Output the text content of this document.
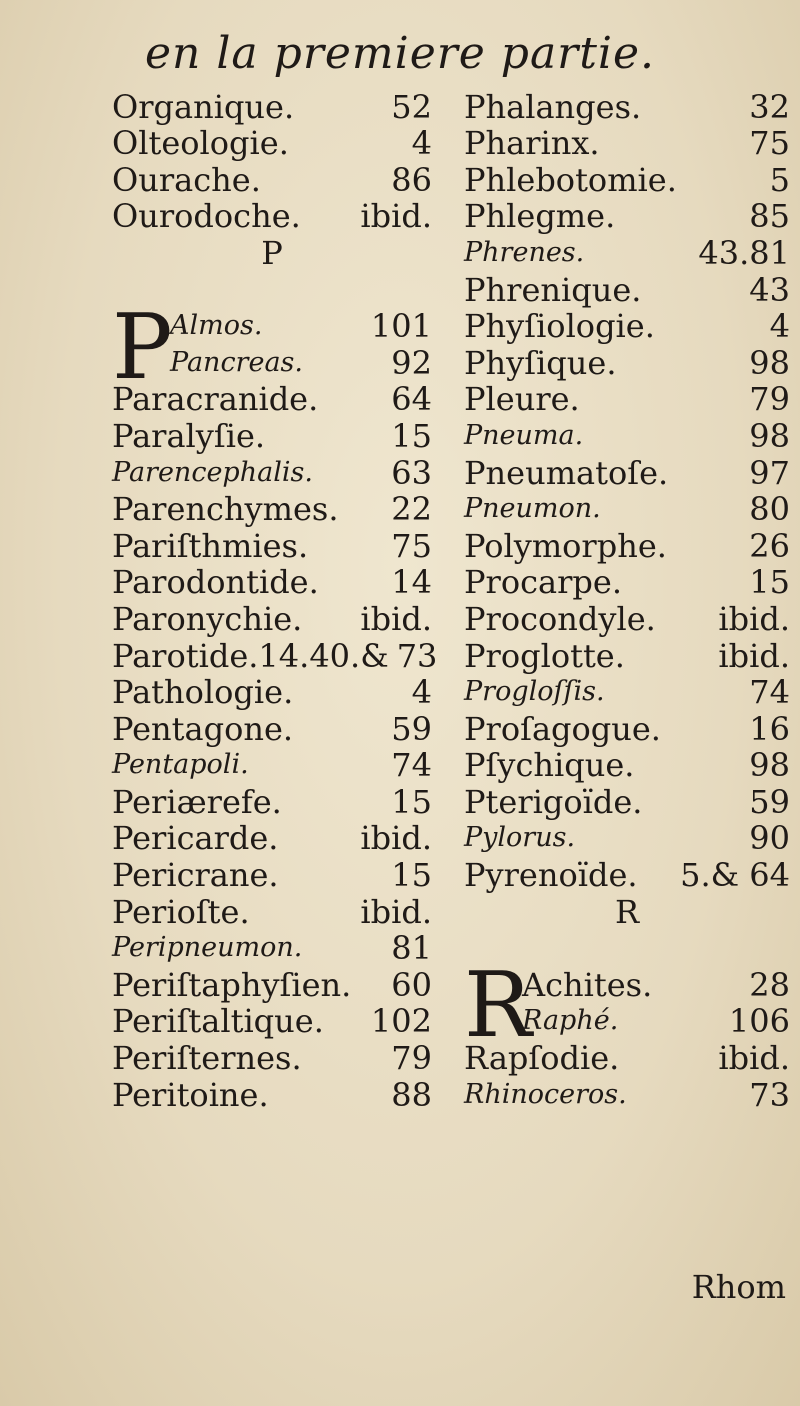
en la premiere partie.
Organique.	52
Olteologie.	4
Ourache.	86
Ourodoche. ibid.
P
P
Almos.	101
Pancreas.	92
Paracranide. 64
Paralyſie.	15
Parencephalis. 63
Parenchymes. 22
Pariſthmies.	75
Parodontide. 14
Paronychie. ibid.
Parotide.14.40.& 73
Pathologie.	4
Pentagone.	59
Pentapoli.	74
Periærefe.	15
Pericarde.	ibid.
Pericrane.	15
Perioſte.	ibid.
Peripneumon.	81
Periſtaphyſien. 60
Periſtaltique. 102
Periſternes.	79
Peritoine.	88
Phalanges.	32
Pharinx.	75
Phlebotomie.	5
Phlegme.	85
Phrenes.	43.81
Phrenique.	43
Phyſiologie.	4
Phyſique.	98
Pleure.	79
Pneuma.	98
Pneumatoſe.	97
Pneumon.	80
Polymorphe.	26
Procarpe.	15
Procondyle. ibid.
Proglotte.	ibid.
Progloſſis.	74
Proſagogue.	16
Pſychique.	98
Pterigoïde.	59
Pylorus.	90
Pyrenoïde. 5.& 64
R
R
Achites.	28
Raphé.	106
Rapſodie.	ibid.
Rhinoceros.	73
Rhom
